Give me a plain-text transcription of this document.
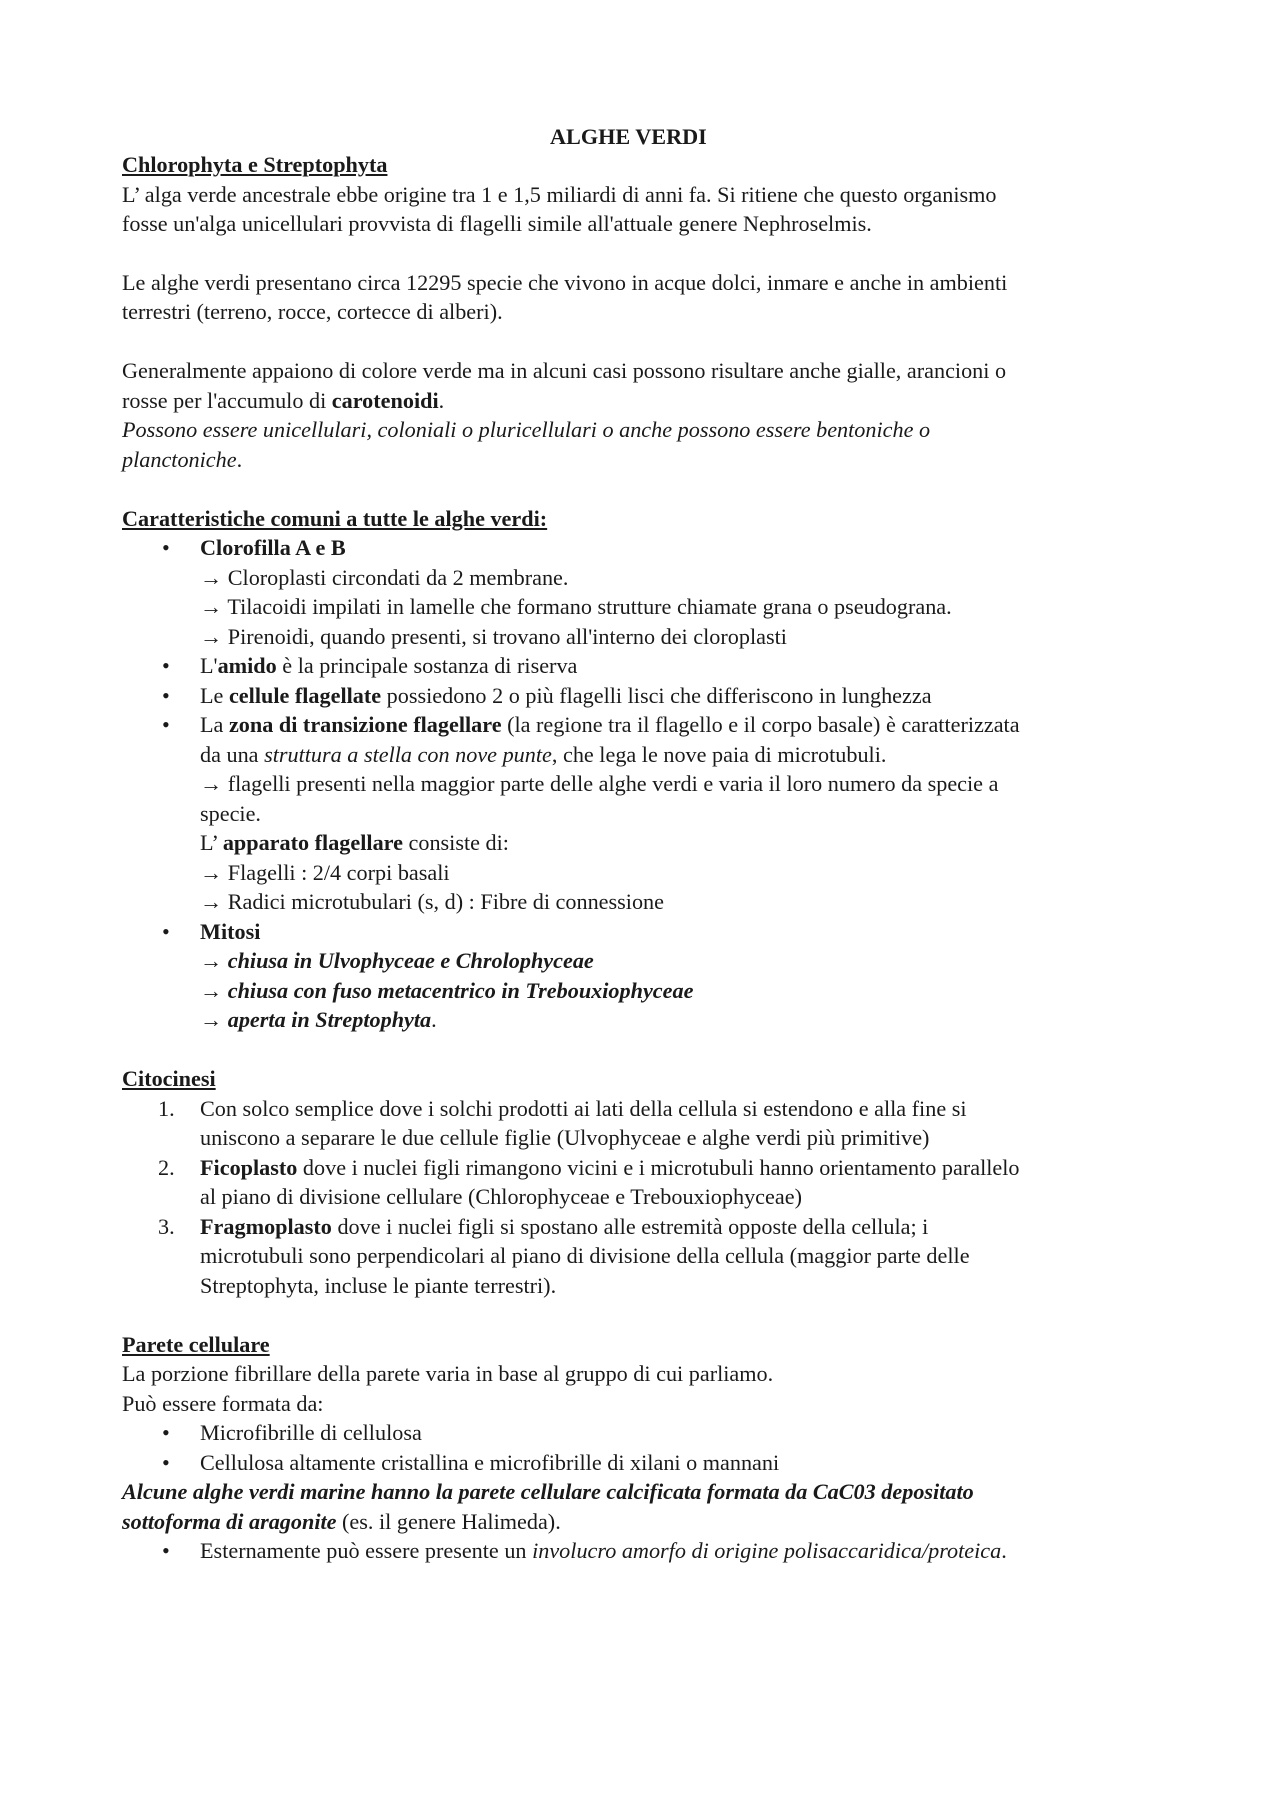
ALGHE VERDI
Chlorophyta e Streptophyta
L’ alga verde ancestrale ebbe origine tra 1 e 1,5 miliardi di anni fa. Si ritiene che questo organismo
fosse un'alga unicellulari provvista di flagelli simile all'attuale genere Nephroselmis.
Le alghe verdi presentano circa 12295 specie che vivono in acque dolci, inmare e anche in ambienti
terrestri (terreno, rocce, cortecce di alberi).
Generalmente appaiono di colore verde ma in alcuni casi possono risultare anche gialle, arancioni o
rosse per l'accumulo di carotenoidi.
Possono essere unicellulari, coloniali o pluricellulari o anche possono essere bentoniche o
planctoniche.
Caratteristiche comuni a tutte le alghe verdi:
• Clorofilla A e B
→ Cloroplasti circondati da 2 membrane.
→ Tilacoidi impilati in lamelle che formano strutture chiamate grana o pseudograna.
→ Pirenoidi, quando presenti, si trovano all'interno dei cloroplasti
• L'amido è la principale sostanza di riserva
• Le cellule flagellate possiedono 2 o più flagelli lisci che differiscono in lunghezza
• La zona di transizione flagellare (la regione tra il flagello e il corpo basale) è caratterizzata
da una struttura a stella con nove punte, che lega le nove paia di microtubuli.
→ flagelli presenti nella maggior parte delle alghe verdi e varia il loro numero da specie a
specie.
L’ apparato flagellare consiste di:
→ Flagelli : 2/4 corpi basali
→ Radici microtubulari (s, d) : Fibre di connessione
• Mitosi
→ chiusa in Ulvophyceae e Chrolophyceae
→ chiusa con fuso metacentrico in Trebouxiophyceae
→ aperta in Streptophyta.
Citocinesi
1. Con solco semplice dove i solchi prodotti ai lati della cellula si estendono e alla fine si
uniscono a separare le due cellule figlie (Ulvophyceae e alghe verdi più primitive)
2. Ficoplasto dove i nuclei figli rimangono vicini e i microtubuli hanno orientamento parallelo
al piano di divisione cellulare (Chlorophyceae e Trebouxiophyceae)
3. Fragmoplasto dove i nuclei figli si spostano alle estremità opposte della cellula; i
microtubuli sono perpendicolari al piano di divisione della cellula (maggior parte delle
Streptophyta, incluse le piante terrestri).
Parete cellulare
La porzione fibrillare della parete varia in base al gruppo di cui parliamo.
Può essere formata da:
• Microfibrille di cellulosa
• Cellulosa altamente cristallina e microfibrille di xilani o mannani
Alcune alghe verdi marine hanno la parete cellulare calcificata formata da CaC03 depositato
sottoforma di aragonite (es. il genere Halimeda).
• Esternamente può essere presente un involucro amorfo di origine polisaccaridica/proteica.
